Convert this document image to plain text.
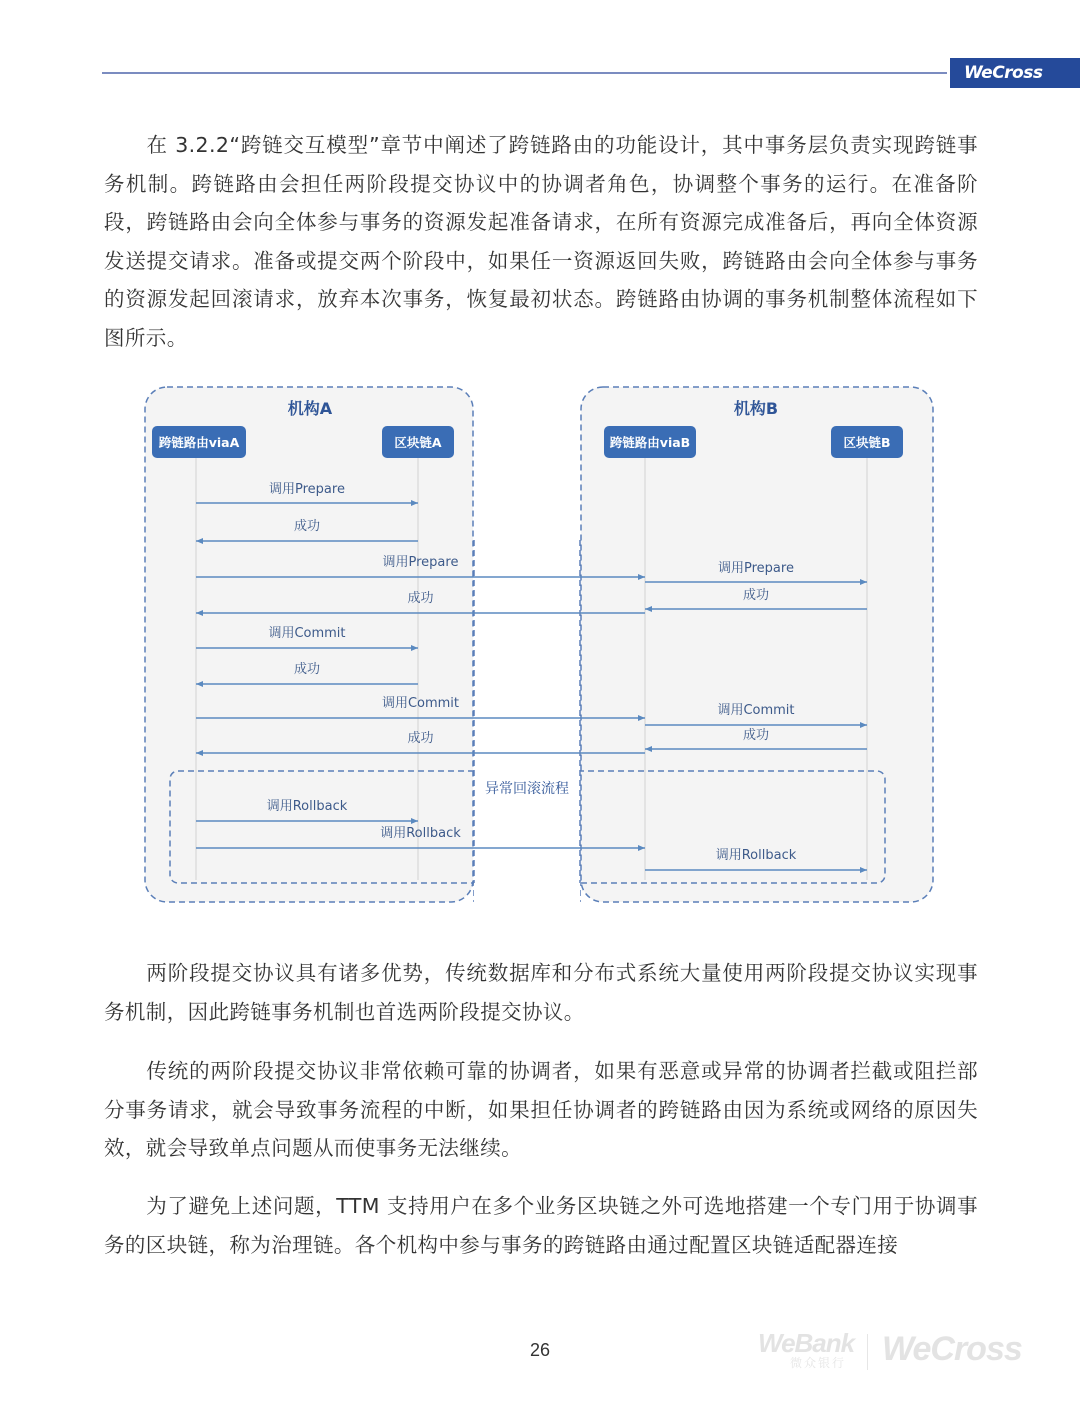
WeCross

在 3.2.2“跨链交互模型”章节中阐述了跨链路由的功能设计，其中事务层负责实现跨链事务机制。跨链路由会担任两阶段提交协议中的协调者角色，协调整个事务的运行。在准备阶段，跨链路由会向全体参与事务的资源发起准备请求，在所有资源完成准备后，再向全体资源发送提交请求。准备或提交两个阶段中，如果任一资源返回失败，跨链路由会向全体参与事务的资源发起回滚请求，放弃本次事务，恢复最初状态。跨链路由协调的事务机制整体流程如下图所示。

机构A	机构B
跨链路由viaA	区块链A	跨链路由viaB	区块链B
异常回滚流程
调用Prepare
成功
调用Prepare	调用Prepare
成功
成功
调用Commit
成功
调用Commit	调用Commit
成功
成功
调用Rollback
调用Rollback
调用Rollback

两阶段提交协议具有诸多优势，传统数据库和分布式系统大量使用两阶段提交协议实现事务机制，因此跨链事务机制也首选两阶段提交协议。

传统的两阶段提交协议非常依赖可靠的协调者，如果有恶意或异常的协调者拦截或阻拦部分事务请求，就会导致事务流程的中断，如果担任协调者的跨链路由因为系统或网络的原因失效，就会导致单点问题从而使事务无法继续。

为了避免上述问题，TTM 支持用户在多个业务区块链之外可选地搭建一个专门用于协调事务的区块链，称为治理链。各个机构中参与事务的跨链路由通过配置区块链适配器连接

26	WeBank
微众银行 WeCross
